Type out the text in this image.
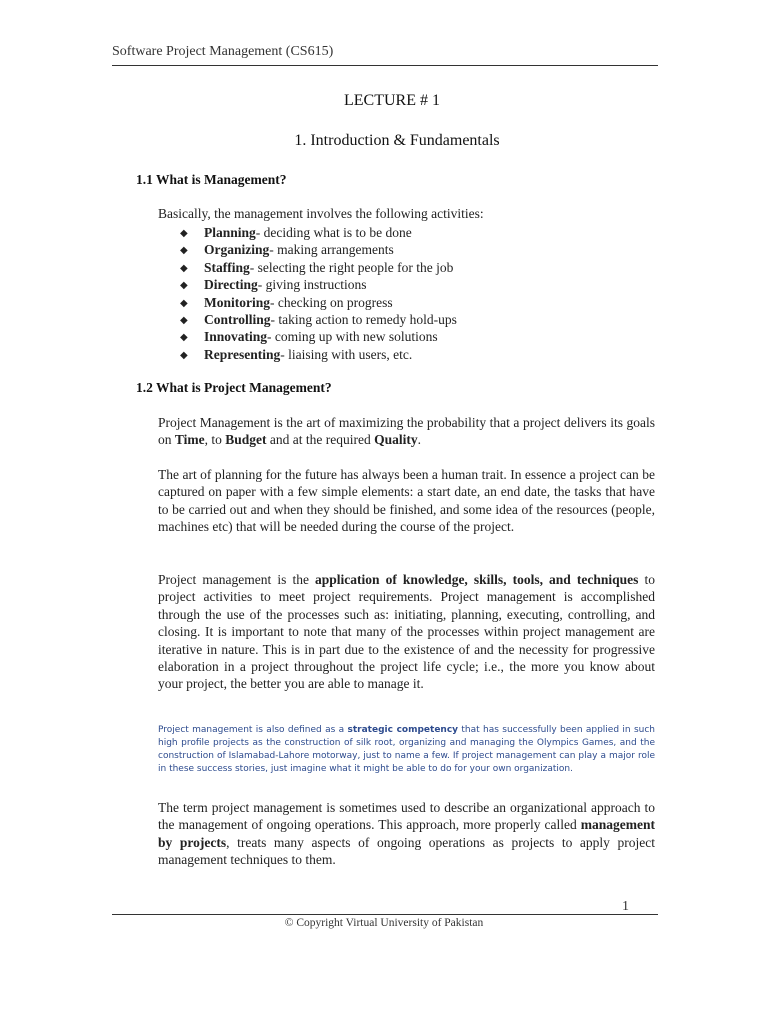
Software Project Management (CS615)
LECTURE # 1
1. Introduction & Fundamentals
1.1 What is Management?
Basically, the management involves the following activities:
◆ Planning- deciding what is to be done
◆ Organizing- making arrangements
◆ Staffing- selecting the right people for the job
◆ Directing- giving instructions
◆ Monitoring- checking on progress
◆ Controlling- taking action to remedy hold-ups
◆ Innovating- coming up with new solutions
◆ Representing- liaising with users, etc.
1.2 What is Project Management?
Project Management is the art of maximizing the probability that a project delivers its goals on Time, to Budget and at the required Quality.
The art of planning for the future has always been a human trait. In essence a project can be captured on paper with a few simple elements: a start date, an end date, the tasks that have to be carried out and when they should be finished, and some idea of the resources (people, machines etc) that will be needed during the course of the project.
Project management is the application of knowledge, skills, tools, and techniques to project activities to meet project requirements. Project management is accomplished through the use of the processes such as: initiating, planning, executing, controlling, and closing. It is important to note that many of the processes within project management are iterative in nature. This is in part due to the existence of and the necessity for progressive elaboration in a project throughout the project life cycle; i.e., the more you know about your project, the better you are able to manage it.
Project management is also defined as a strategic competency that has successfully been applied in such high profile projects as the construction of silk root, organizing and managing the Olympics Games, and the construction of Islamabad-Lahore motorway, just to name a few. If project management can play a major role in these success stories, just imagine what it might be able to do for your own organization.
The term project management is sometimes used to describe an organizational approach to the management of ongoing operations. This approach, more properly called management by projects, treats many aspects of ongoing operations as projects to apply project management techniques to them.
1
© Copyright Virtual University of Pakistan
